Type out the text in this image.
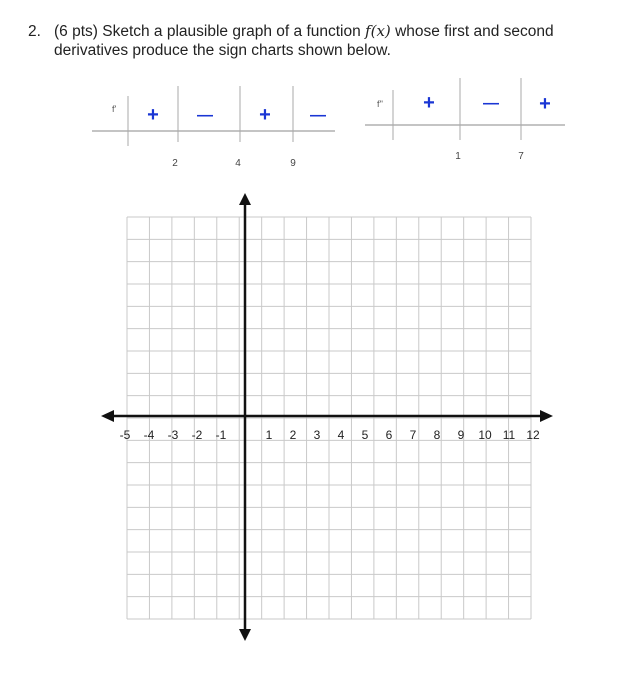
2. (6 pts) Sketch a plausible graph of a function f(x) whose first and second derivatives produce the sign charts shown below.
f' + — + —
2	4	9
f'' +	— +
1	7
-5 -4 -3 -2 -1	1 2 3 4 5 6 7 8 9 10 11 12
